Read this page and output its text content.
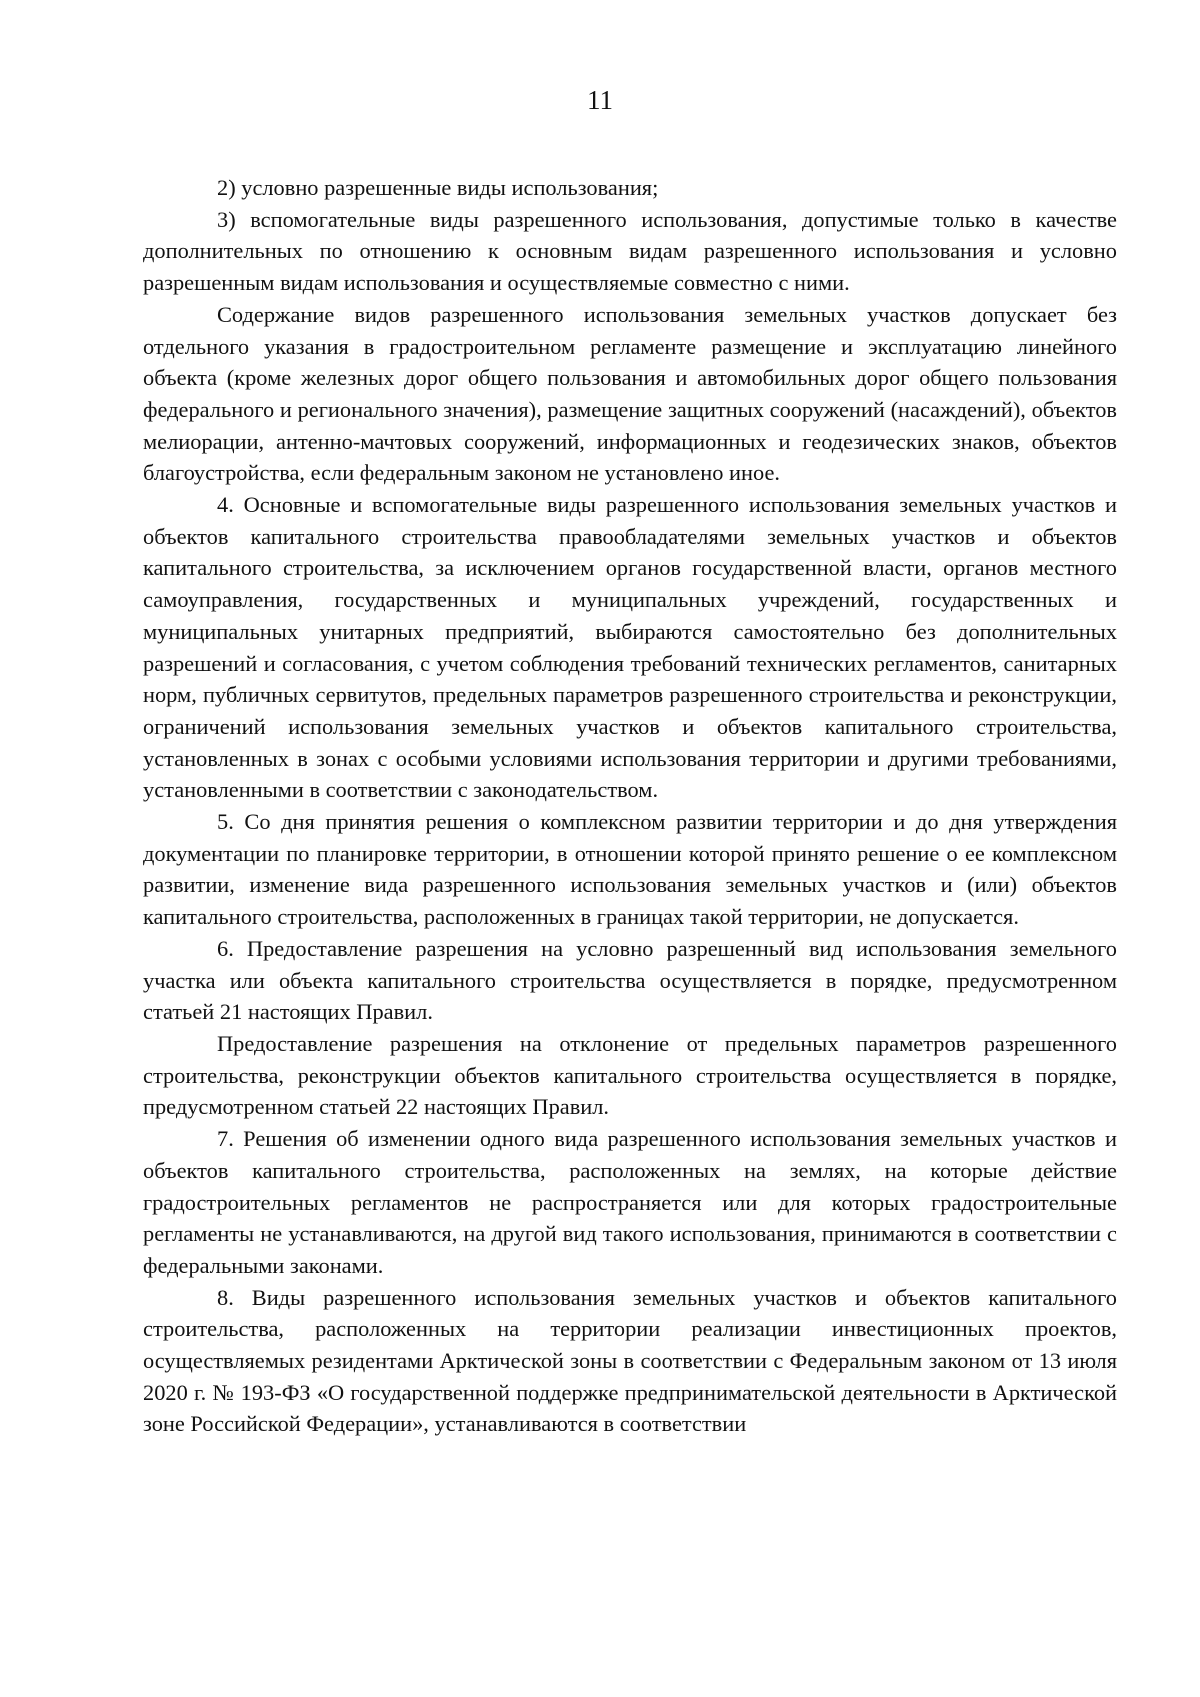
11

2) условно разрешенные виды использования;

3) вспомогательные виды разрешенного использования, допустимые только в качестве дополнительных по отношению к основным видам разрешенного использования и условно разрешенным видам использования и осуществляемые совместно с ними.

Содержание видов разрешенного использования земельных участков допускает без отдельного указания в градостроительном регламенте размещение и эксплуатацию линейного объекта (кроме железных дорог общего пользования и автомобильных дорог общего пользования федерального и регионального значения), размещение защитных сооружений (насаждений), объектов мелиорации, антенно-мачтовых сооружений, информационных и геодезических знаков, объектов благоустройства, если федеральным законом не установлено иное.

4. Основные и вспомогательные виды разрешенного использования земельных участков и объектов капитального строительства правообладателями земельных участков и объектов капитального строительства, за исключением органов государственной власти, органов местного самоуправления, государственных и муниципальных учреждений, государственных и муниципальных унитарных предприятий, выбираются самостоятельно без дополнительных разрешений и согласования, с учетом соблюдения требований технических регламентов, санитарных норм, публичных сервитутов, предельных параметров разрешенного строительства и реконструкции, ограничений использования земельных участков и объектов капитального строительства, установленных в зонах с особыми условиями использования территории и другими требованиями, установленными в соответствии с законодательством.

5. Со дня принятия решения о комплексном развитии территории и до дня утверждения документации по планировке территории, в отношении которой принято решение о ее комплексном развитии, изменение вида разрешенного использования земельных участков и (или) объектов капитального строительства, расположенных в границах такой территории, не допускается.

6. Предоставление разрешения на условно разрешенный вид использования земельного участка или объекта капитального строительства осуществляется в порядке, предусмотренном статьей 21 настоящих Правил.

Предоставление разрешения на отклонение от предельных параметров разрешенного строительства, реконструкции объектов капитального строительства осуществляется в порядке, предусмотренном статьей 22 настоящих Правил.

7. Решения об изменении одного вида разрешенного использования земельных участков и объектов капитального строительства, расположенных на землях, на которые действие градостроительных регламентов не распространяется или для которых градостроительные регламенты не устанавливаются, на другой вид такого использования, принимаются в соответствии с федеральными законами.

8. Виды разрешенного использования земельных участков и объектов капитального строительства, расположенных на территории реализации инвестиционных проектов, осуществляемых резидентами Арктической зоны в соответствии с Федеральным законом от 13 июля 2020 г. № 193-ФЗ «О государственной поддержке предпринимательской деятельности в Арктической зоне Российской Федерации», устанавливаются в соответствии
